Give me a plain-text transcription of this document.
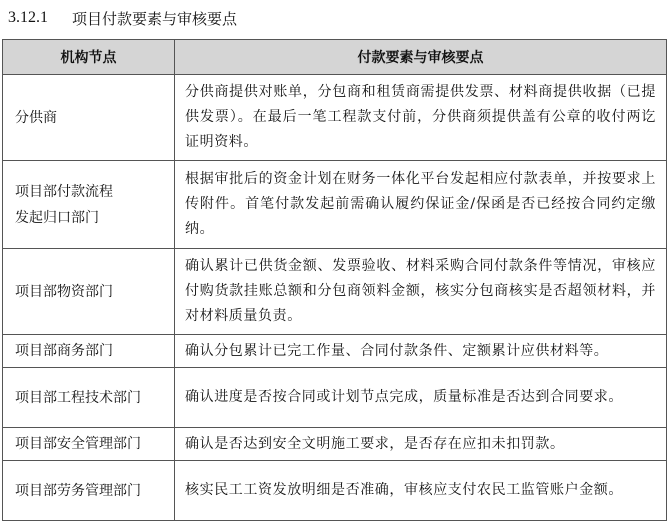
3.12.1 项目付款要素与审核要点
机构节点	付款要素与审核要点
分供商	分供商提供对账单，分包商和租赁商需提供发票、材料商提供收据（已提供发票）。在最后一笔工程款支付前，分供商须提供盖有公章的收付两讫证明资料。

项目部付款流程
发起归口部门	根据审批后的资金计划在财务一体化平台发起相应付款表单，并按要求上传附件。首笔付款发起前需确认履约保证金/保函是否已经按合同约定缴纳。
项目部物资部门	确认累计已供货金额、发票验收、材料采购合同付款条件等情况，审核应付购货款挂账总额和分包商领料金额，核实分包商核实是否超领材料，并对材料质量负责。
项目部商务部门	确认分包累计已完工作量、合同付款条件、定额累计应供材料等。
项目部工程技术部门	确认进度是否按合同或计划节点完成，质量标准是否达到合同要求。
项目部安全管理部门	确认是否达到安全文明施工要求，是否存在应扣未扣罚款。
项目部劳务管理部门	核实民工工资发放明细是否准确，审核应支付农民工监管账户金额。
